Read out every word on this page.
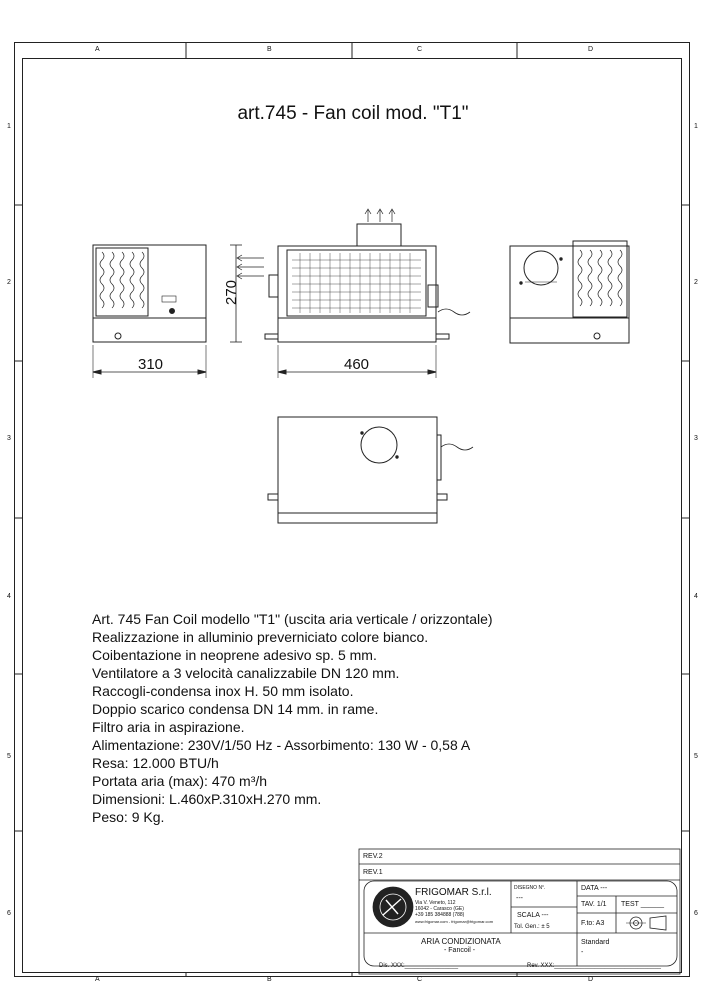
A	B	C	D
A	B	C	D
1
2
3
4
5
6
1
2
3
4
5
6
art.745 - Fan coil mod. "T1"
270
310	460
Art. 745 Fan Coil modello "T1" (uscita aria verticale / orizzontale)
Realizzazione in alluminio preverniciato colore bianco.
Coibentazione in neoprene adesivo sp. 5 mm.
Ventilatore a 3 velocità canalizzabile DN 120 mm.
Raccogli-condensa inox H. 50 mm isolato.
Doppio scarico condensa DN 14 mm. in rame.
Filtro aria in aspirazione.
Alimentazione: 230V/1/50 Hz - Assorbimento: 130 W - 0,58 A
Resa: 12.000 BTU/h
Portata aria (max): 470 m³/h
Dimensioni: L.460xP.310xH.270 mm.
Peso: 9 Kg.
REV.2
REV.1
FRIGOMAR S.r.l.
Via V. Veneto, 112
16042 - Carasco (GE)
+39 185 384888 (788)
www.frigomar.com - frigomar@frigomar.com
DISEGNO N°.
---
SCALA ---
Tol. Gen.: ± 5
DATA ---
TAV. 1/1 TEST ______
F.to: A3
ARIA CONDIZIONATA
- Fancoil -
Standard
-
Dis. XXX:________________	Rev. XXX:________________________________
